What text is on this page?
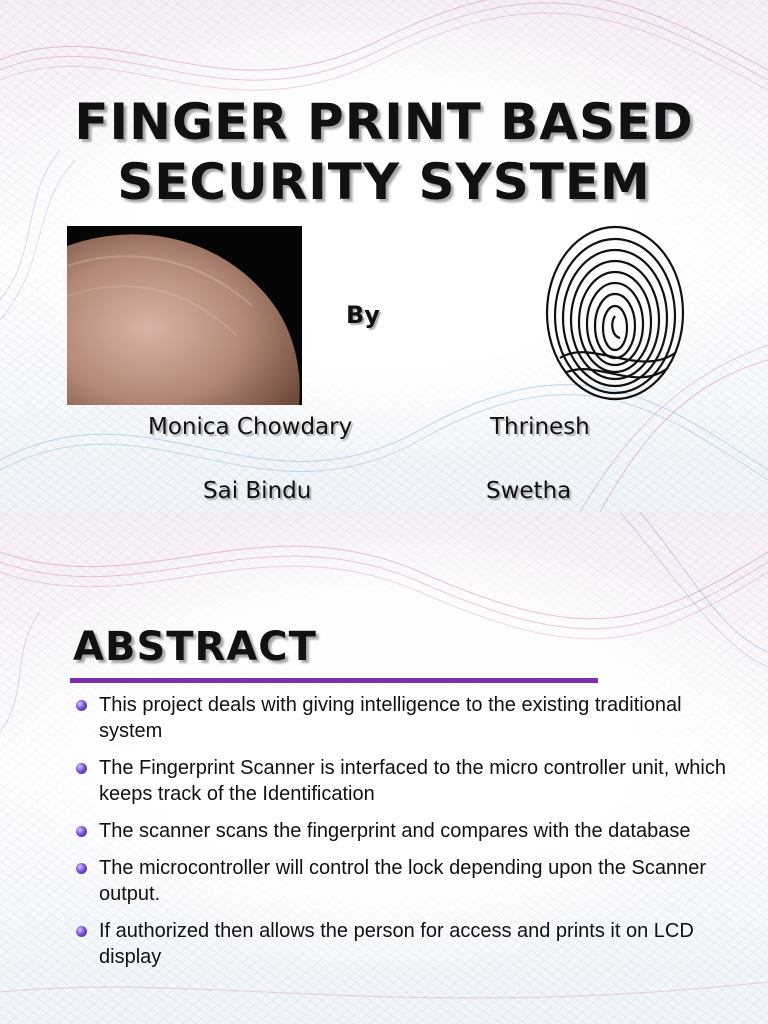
FINGER PRINT BASED
SECURITY SYSTEM
By
Monica Chowdary	Thrinesh
Sai Bindu	Swetha
ABSTRACT
This project deals with giving intelligence to the existing traditional system
The Fingerprint Scanner is interfaced to the micro controller unit, which keeps track of the Identification
The scanner scans the fingerprint and compares with the database
The microcontroller will control the lock depending upon the Scanner output.
If authorized then allows the person for access and prints it on LCD display
